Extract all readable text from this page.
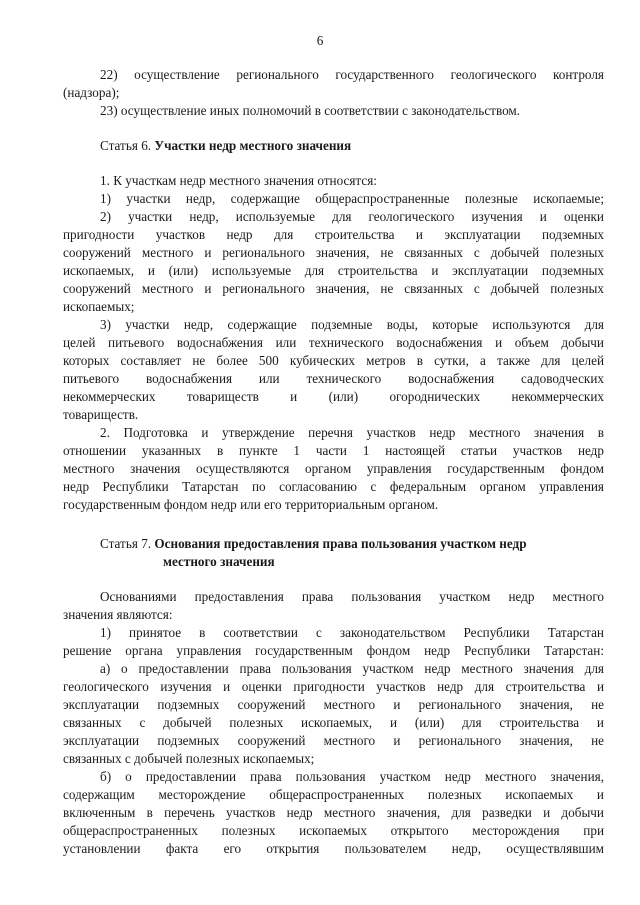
6
22) осуществление регионального государственного геологического контроля
(надзора);
23) осуществление иных полномочий в соответствии с законодательством.
Статья 6. Участки недр местного значения
1. К участкам недр местного значения относятся:
1) участки недр, содержащие общераспространенные полезные ископаемые;
2) участки недр, используемые для геологического изучения и оценки
пригодности участков недр для строительства и эксплуатации подземных
сооружений местного и регионального значения, не связанных с добычей полезных
ископаемых, и (или) используемые для строительства и эксплуатации подземных
сооружений местного и регионального значения, не связанных с добычей полезных
ископаемых;
3) участки недр, содержащие подземные воды, которые используются для
целей питьевого водоснабжения или технического водоснабжения и объем добычи
которых составляет не более 500 кубических метров в сутки, а также для целей
питьевого водоснабжения или технического водоснабжения садоводческих
некоммерческих товариществ и (или) огороднических некоммерческих
товариществ.
2. Подготовка и утверждение перечня участков недр местного значения в
отношении указанных в пункте 1 части 1 настоящей статьи участков недр
местного значения осуществляются органом управления государственным фондом
недр Республики Татарстан по согласованию с федеральным органом управления
государственным фондом недр или его территориальным органом.
Статья 7. Основания предоставления права пользования участком недр
местного значения
Основаниями предоставления права пользования участком недр местного
значения являются:
1) принятое в соответствии с законодательством Республики Татарстан
решение органа управления государственным фондом недр Республики Татарстан:
а) о предоставлении права пользования участком недр местного значения для
геологического изучения и оценки пригодности участков недр для строительства и
эксплуатации подземных сооружений местного и регионального значения, не
связанных с добычей полезных ископаемых, и (или) для строительства и
эксплуатации подземных сооружений местного и регионального значения, не
связанных с добычей полезных ископаемых;
б) о предоставлении права пользования участком недр местного значения,
содержащим месторождение общераспространенных полезных ископаемых и
включенным в перечень участков недр местного значения, для разведки и добычи
общераспространенных полезных ископаемых открытого месторождения при
установлении факта его открытия пользователем недр, осуществлявшим
